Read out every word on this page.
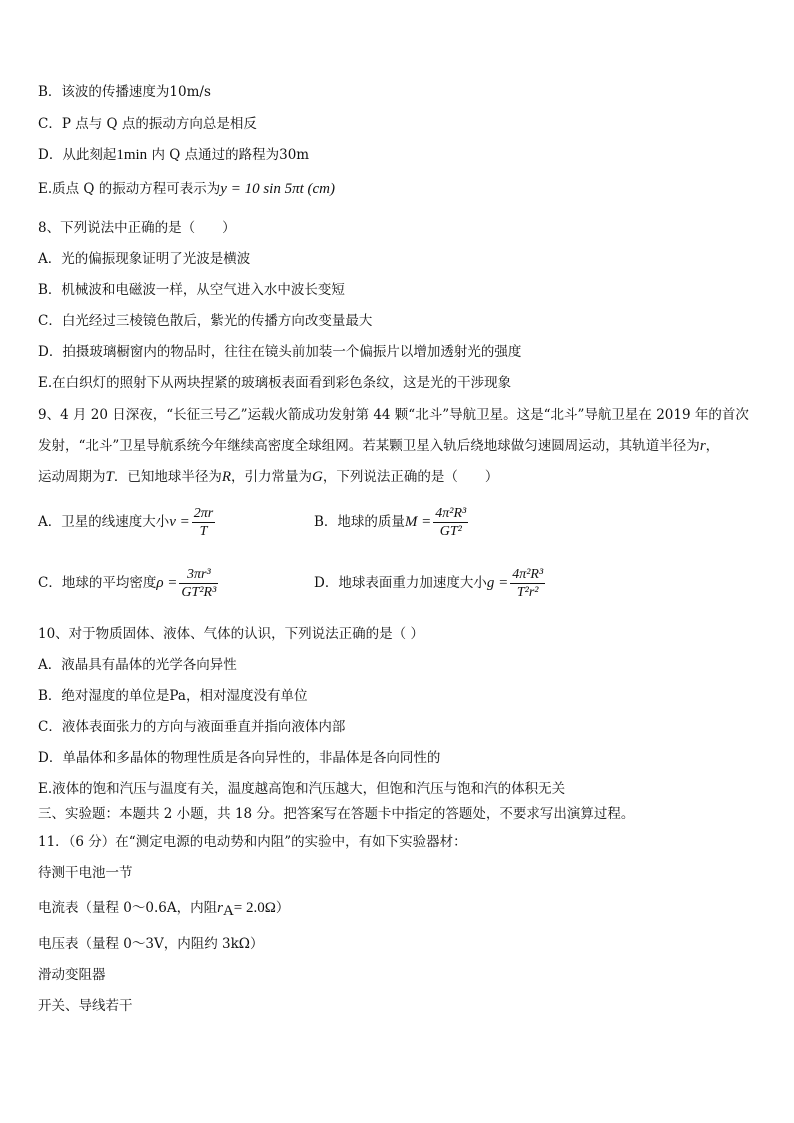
B．该波的传播速度为10m/s
C．P 点与 Q 点的振动方向总是相反
D．从此刻起1min 内 Q 点通过的路程为30m
E.质点 Q 的振动方程可表示为y = 10 sin 5πt (cm)
8、下列说法中正确的是（　　）
A．光的偏振现象证明了光波是横波
B．机械波和电磁波一样，从空气进入水中波长变短
C．白光经过三棱镜色散后，紫光的传播方向改变量最大
D．拍摄玻璃橱窗内的物品时，往往在镜头前加装一个偏振片以增加透射光的强度
E.在白织灯的照射下从两块捏紧的玻璃板表面看到彩色条纹，这是光的干涉现象
9、4 月 20 日深夜，“长征三号乙”运载火箭成功发射第 44 颗“北斗”导航卫星。这是“北斗”导航卫星在 2019 年的首次
发射，“北斗”卫星导航系统今年继续高密度全球组网。若某颗卫星入轨后绕地球做匀速圆周运动，其轨道半径为r，
运动周期为T．已知地球半径为R，引力常量为G，下列说法正确的是（　　）
A．卫星的线速度大小$v = \frac{2\pi r}{T}$	B．地球的质量$M = \frac{\text{4π²R³}}{\text{GT²}}$
C．地球的平均密度$\rho = \frac{\text{3πr³}}{\text{GT²R³}}$	D．地球表面重力加速度大小$g = \frac{\text{4π²R³}}{\text{T²r²}}$
10、对于物质固体、液体、气体的认识，下列说法正确的是（ ）
A．液晶具有晶体的光学各向异性
B．绝对湿度的单位是Pa，相对湿度没有单位
C．液体表面张力的方向与液面垂直并指向液体内部
D．单晶体和多晶体的物理性质是各向异性的，非晶体是各向同性的
E.液体的饱和汽压与温度有关，温度越高饱和汽压越大，但饱和汽压与饱和汽的体积无关
三、实验题：本题共 2 小题，共 18 分。把答案写在答题卡中指定的答题处，不要求写出演算过程。
11．（6 分）在“测定电源的电动势和内阻”的实验中，有如下实验器材：
待测干电池一节
电流表（量程 0～0.6A，内阻$r_A= 2.0\Omega$）
电压表（量程 0～3V，内阻约 3kΩ）
滑动变阻器
开关、导线若干
